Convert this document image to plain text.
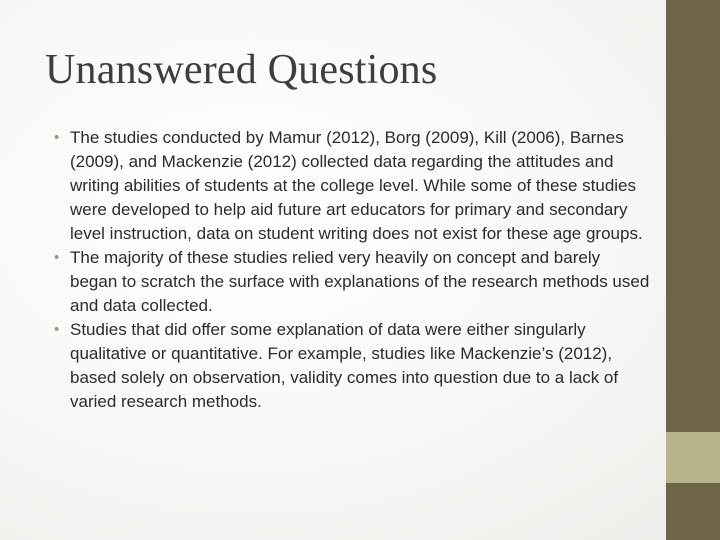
Unanswered Questions
• The studies conducted by Mamur (2012), Borg (2009), Kill (2006), Barnes (2009), and Mackenzie (2012) collected data regarding the attitudes and writing abilities of students at the college level. While some of these studies were developed to help aid future art educators for primary and secondary level instruction, data on student writing does not exist for these age groups.
• The majority of these studies relied very heavily on concept and barely began to scratch the surface with explanations of the research methods used and data collected.
• Studies that did offer some explanation of data were either singularly qualitative or quantitative. For example, studies like Mackenzie’s (2012), based solely on observation, validity comes into question due to a lack of varied research methods.
